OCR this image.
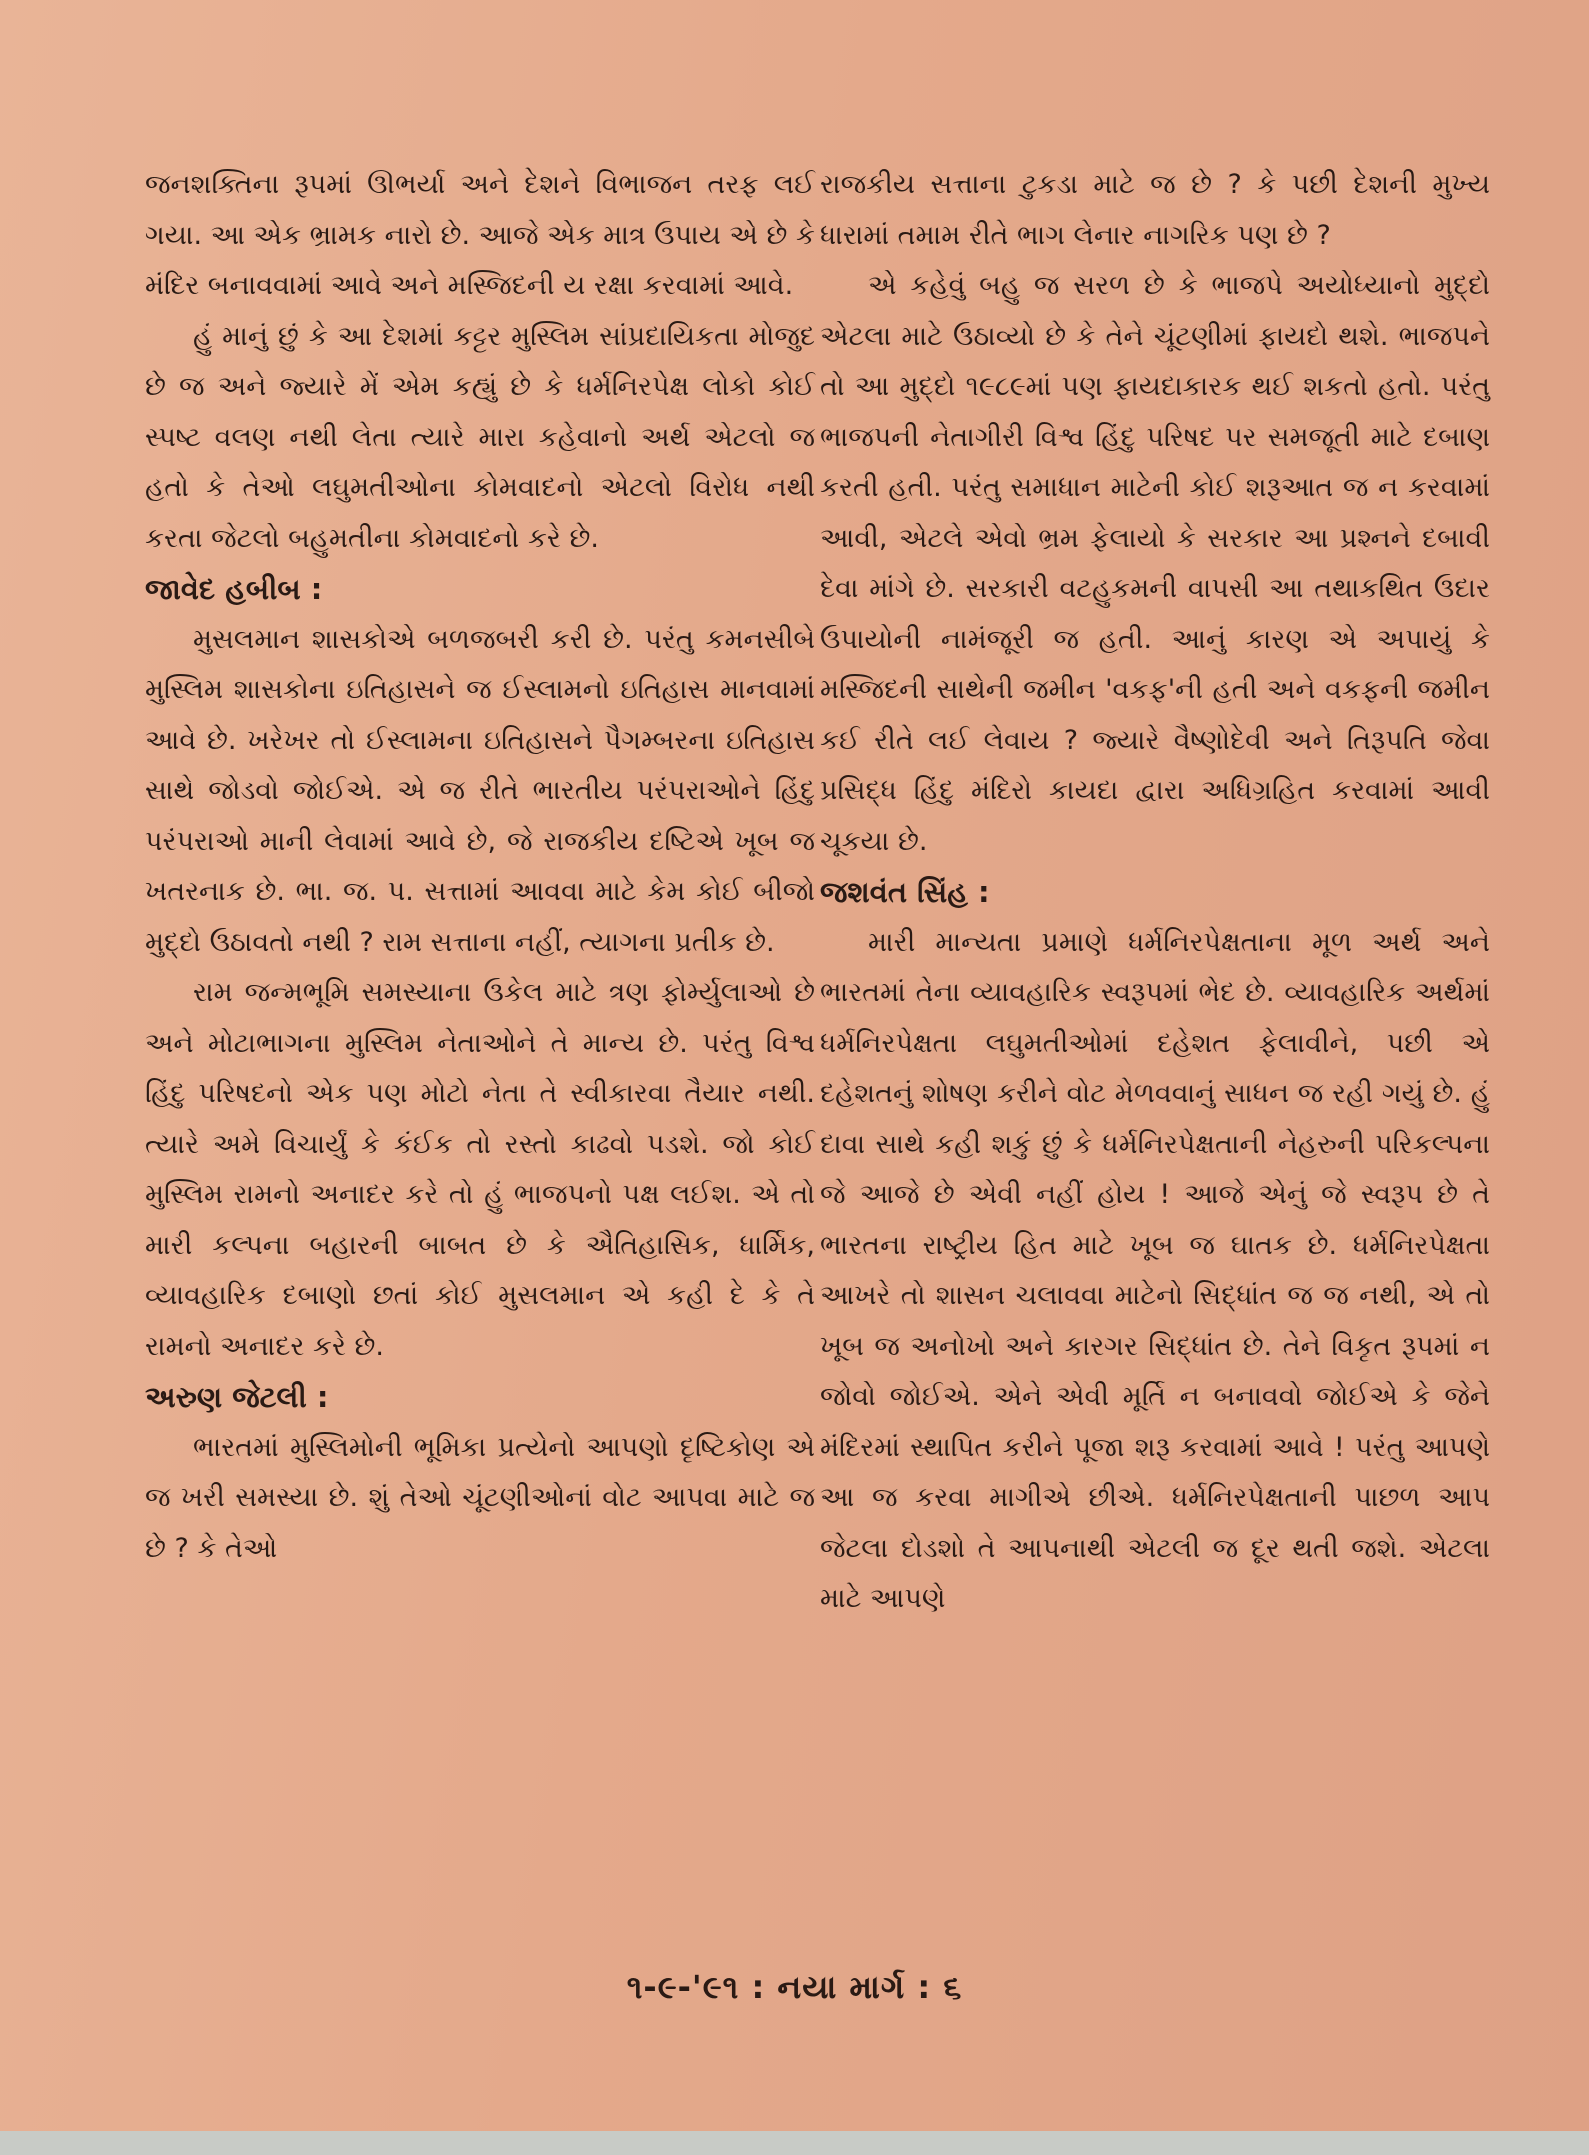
જનશક્તિના રૂપમાં ઊભર્યા અને દેશને વિભાજન તરફ લઈ ગયા. આ એક ભ્રામક નારો છે. આજે એક માત્ર ઉપાય એ છે કે મંદિર બનાવવામાં આવે અને મસ્જિદની ય રક્ષા કરવામાં આવે.

હું માનું છું કે આ દેશમાં કટ્ટર મુસ્લિમ સાંપ્રદાયિકતા મોજુદ છે જ અને જ્યારે મેં એમ કહ્યું છે કે ધર્મનિરપેક્ષ લોકો કોઈ સ્પષ્ટ વલણ નથી લેતા ત્યારે મારા કહેવાનો અર્થ એટલો જ હતો કે તેઓ લઘુમતીઓના કોમવાદનો એટલો વિરોધ નથી કરતા જેટલો બહુમતીના કોમવાદનો કરે છે.

જાવેદ હબીબ :

મુસલમાન શાસકોએ બળજબરી કરી છે. પરંતુ કમનસીબે મુસ્લિમ શાસકોના ઇતિહાસને જ ઈસ્લામનો ઇતિહાસ માનવામાં આવે છે. ખરેખર તો ઈસ્લામના ઇતિહાસને પૈગમ્બરના ઇતિહાસ સાથે જોડવો જોઈએ. એ જ રીતે ભારતીય પરંપરાઓને હિંદુ પરંપરાઓ માની લેવામાં આવે છે, જે રાજકીય દષ્ટિએ ખૂબ જ ખતરનાક છે. ભા. જ. પ. સત્તામાં આવવા માટે કેમ કોઈ બીજો મુદ્દો ઉઠાવતો નથી ? રામ સત્તાના નહીં, ત્યાગના પ્રતીક છે.

રામ જન્મભૂમિ સમસ્યાના ઉકેલ માટે ત્રણ ફોર્મ્યુલાઓ છે અને મોટાભાગના મુસ્લિમ નેતાઓને તે માન્ય છે. પરંતુ વિશ્વ હિંદુ પરિષદનો એક પણ મોટો નેતા તે સ્વીકારવા તૈયાર નથી. ત્યારે અમે વિચાર્યું કે કંઈક તો રસ્તો કાઢવો પડશે. જો કોઈ મુસ્લિમ રામનો અનાદર કરે તો હું ભાજપનો પક્ષ લઈશ. એ તો મારી કલ્પના બહારની બાબત છે કે ઐતિહાસિક, ધાર્મિક, વ્યાવહારિક દબાણો છતાં કોઈ મુસલમાન એ કહી દે કે તે રામનો અનાદર કરે છે.

અરુણ જેટલી :

ભારતમાં મુસ્લિમોની ભૂમિકા પ્રત્યેનો આપણો દૃષ્ટિકોણ એ જ ખરી સમસ્યા છે. શું તેઓ ચૂંટણીઓનાં વોટ આપવા માટે જ છે ? કે તેઓ

રાજકીય સત્તાના ટુકડા માટે જ છે ? કે પછી દેશની મુખ્ય ધારામાં તમામ રીતે ભાગ લેનાર નાગરિક પણ છે ?

એ કહેવું બહુ જ સરળ છે કે ભાજપે અયોધ્યાનો મુદ્દો એટલા માટે ઉઠાવ્યો છે કે તેને ચૂંટણીમાં ફાયદો થશે. ભાજપને તો આ મુદ્દો ૧૯૮૯માં પણ ફાયદાકારક થઈ શકતો હતો. પરંતુ ભાજપની નેતાગીરી વિશ્વ હિંદુ પરિષદ પર સમજૂતી માટે દબાણ કરતી હતી. પરંતુ સમાધાન માટેની કોઈ શરૂઆત જ ન કરવામાં આવી, એટલે એવો ભ્રમ ફેલાયો કે સરકાર આ પ્રશ્નને દબાવી દેવા માંગે છે. સરકારી વટહુકમની વાપસી આ તથાકથિત ઉદાર ઉપાયોની નામંજૂરી જ હતી. આનું કારણ એ અપાયું કે મસ્જિદની સાથેની જમીન 'વકફ'ની હતી અને વકફની જમીન કઈ રીતે લઈ લેવાય ? જ્યારે વૈષ્ણોદેવી અને તિરૂપતિ જેવા પ્રસિદ્ધ હિંદુ મંદિરો કાયદા દ્વારા અધિગ્રહિત કરવામાં આવી ચૂકયા છે.

જશવંત સિંહ :

મારી માન્યતા પ્રમાણે ધર્મનિરપેક્ષતાના મૂળ અર્થ અને ભારતમાં તેના વ્યાવહારિક સ્વરૂપમાં ભેદ છે. વ્યાવહારિક અર્થમાં ધર્મનિરપેક્ષતા લઘુમતીઓમાં દહેશત ફેલાવીને, પછી એ દહેશતનું શોષણ કરીને વોટ મેળવવાનું સાધન જ રહી ગયું છે. હું દાવા સાથે કહી શકું છું કે ધર્મનિરપેક્ષતાની નેહરુની પરિકલ્પના જે આજે છે એવી નહીં હોય ! આજે એનું જે સ્વરૂપ છે તે ભારતના રાષ્ટ્રીય હિત માટે ખૂબ જ ઘાતક છે. ધર્મનિરપેક્ષતા આખરે તો શાસન ચલાવવા માટેનો સિદ્ધાંત જ જ નથી, એ તો ખૂબ જ અનોખો અને કારગર સિદ્ધાંત છે. તેને વિકૃત રૂપમાં ન જોવો જોઈએ. એને એવી મૂર્તિ ન બનાવવો જોઈએ કે જેને મંદિરમાં સ્થાપિત કરીને પૂજા શરૂ કરવામાં આવે ! પરંતુ આપણે આ જ કરવા માગીએ છીએ. ધર્મનિરપેક્ષતાની પાછળ આપ જેટલા દોડશો તે આપનાથી એટલી જ દૂર થતી જશે. એટલા માટે આપણે

૧-૯-'૯૧ : નયા માર્ગ : ૬
